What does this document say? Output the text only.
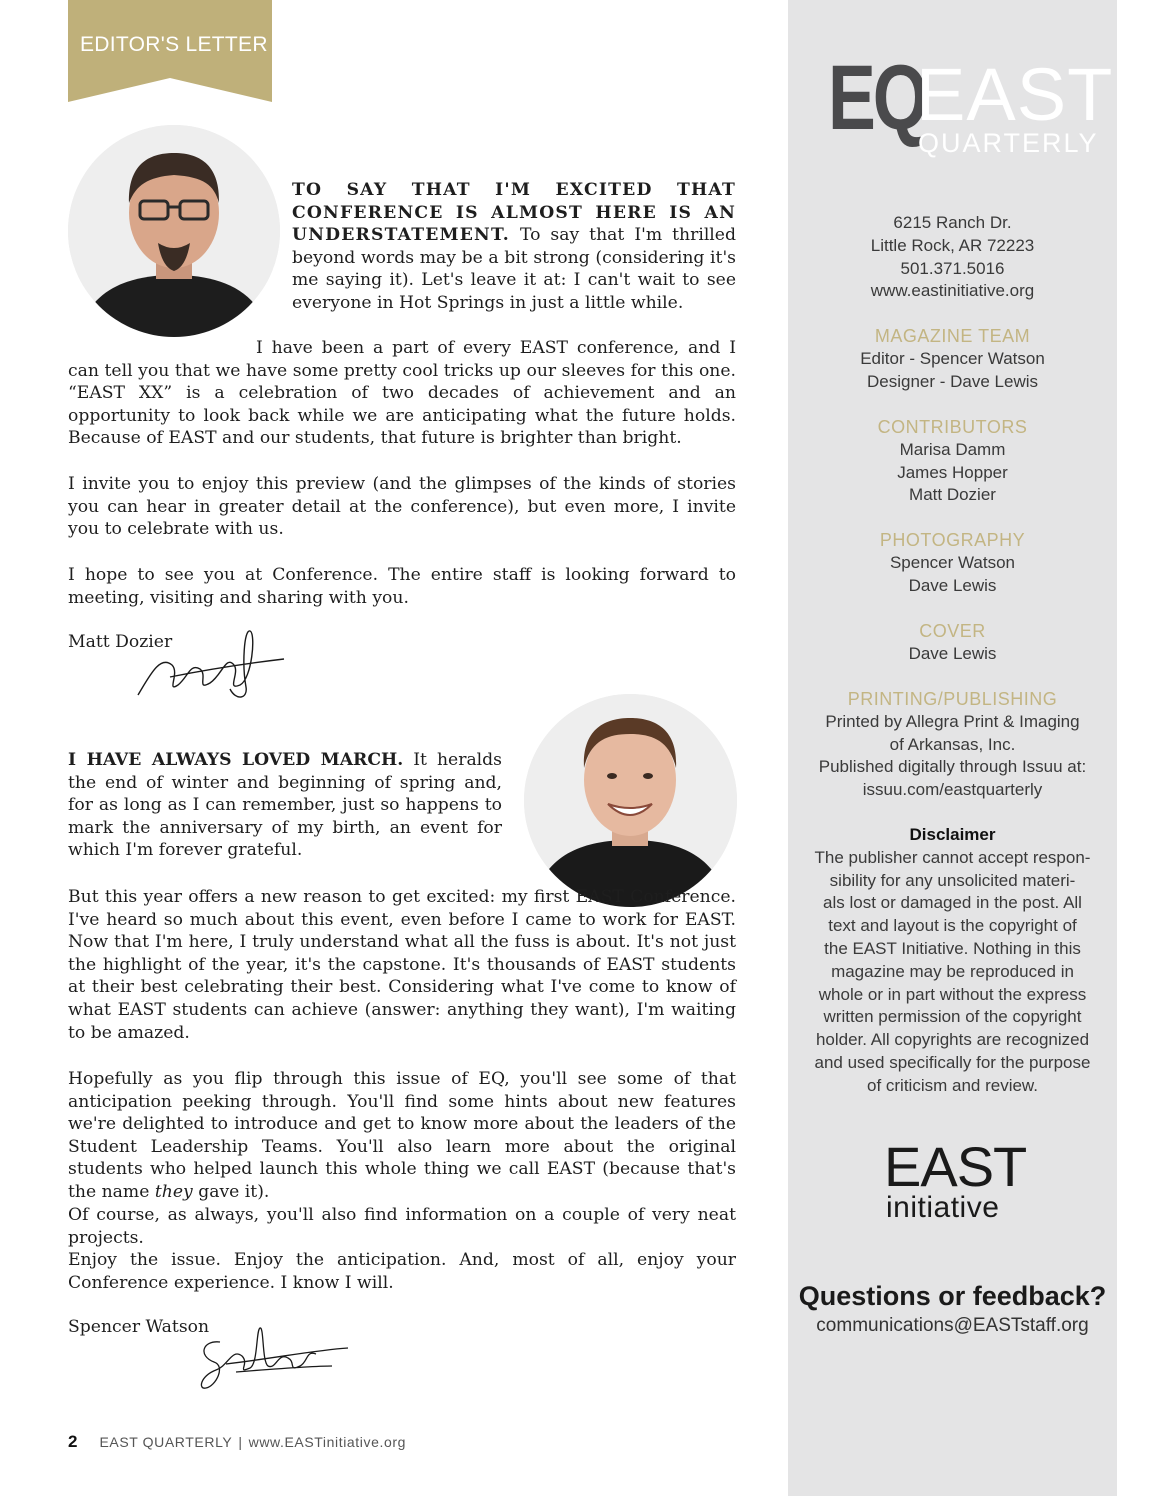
EDITOR'S LETTER
TO SAY THAT I'M EXCITED THAT CONFERENCE IS ALMOST HERE IS AN UNDERSTATEMENT. To say that I'm thrilled beyond words may be a bit strong (considering it's me saying it). Let's leave it at: I can't wait to see everyone in Hot Springs in just a little while.
I have been a part of every EAST conference, and I can tell you that we have some pretty cool tricks up our sleeves for this one. “EAST XX” is a celebration of two decades of achievement and an opportunity to look back while we are anticipating what the future holds. Because of EAST and our students, that future is brighter than bright.
I invite you to enjoy this preview (and the glimpses of the kinds of stories you can hear in greater detail at the conference), but even more, I invite you to celebrate with us.
I hope to see you at Conference. The entire staff is looking forward to meeting, visiting and sharing with you.
Matt Dozier
I HAVE ALWAYS LOVED MARCH. It heralds the end of winter and beginning of spring and, for as long as I can remember, just so happens to mark the anniversary of my birth, an event for which I'm forever grateful.
But this year offers a new reason to get excited: my first EAST Conference. I've heard so much about this event, even before I came to work for EAST. Now that I'm here, I truly understand what all the fuss is about. It's not just the highlight of the year, it's the capstone. It's thousands of EAST students at their best celebrating their best. Considering what I've come to know of what EAST students can achieve (answer: anything they want), I'm waiting to be amazed.
Hopefully as you flip through this issue of EQ, you'll see some of that anticipation peeking through. You'll find some hints about new features we're delighted to introduce and get to know more about the leaders of the Student Leadership Teams. You'll also learn more about the original students who helped launch this whole thing we call EAST (because that's the name they gave it).
Of course, as always, you'll also find information on a couple of very neat projects.
Enjoy the issue. Enjoy the anticipation. And, most of all, enjoy your Conference experience. I know I will.
Spencer Watson
2 EAST QUARTERLY | www.EASTinitiative.org
EQ
EAST
QUARTERLY
6215 Ranch Dr.
Little Rock, AR 72223
501.371.5016
www.eastinitiative.org
MAGAZINE TEAM
Editor - Spencer Watson
Designer - Dave Lewis
CONTRIBUTORS
Marisa Damm
James Hopper
Matt Dozier
PHOTOGRAPHY
Spencer Watson
Dave Lewis
COVER
Dave Lewis
PRINTING/PUBLISHING
Printed by Allegra Print & Imaging
of Arkansas, Inc.
Published digitally through Issuu at:
issuu.com/eastquarterly
Disclaimer
The publisher cannot accept respon-
sibility for any unsolicited materi-
als lost or damaged in the post. All
text and layout is the copyright of
the EAST Initiative. Nothing in this
magazine may be reproduced in
whole or in part without the express
written permission of the copyright
holder. All copyrights are recognized
and used specifically for the purpose
of criticism and review.
EAST
initiative
Questions or feedback?
communications@EASTstaff.org
